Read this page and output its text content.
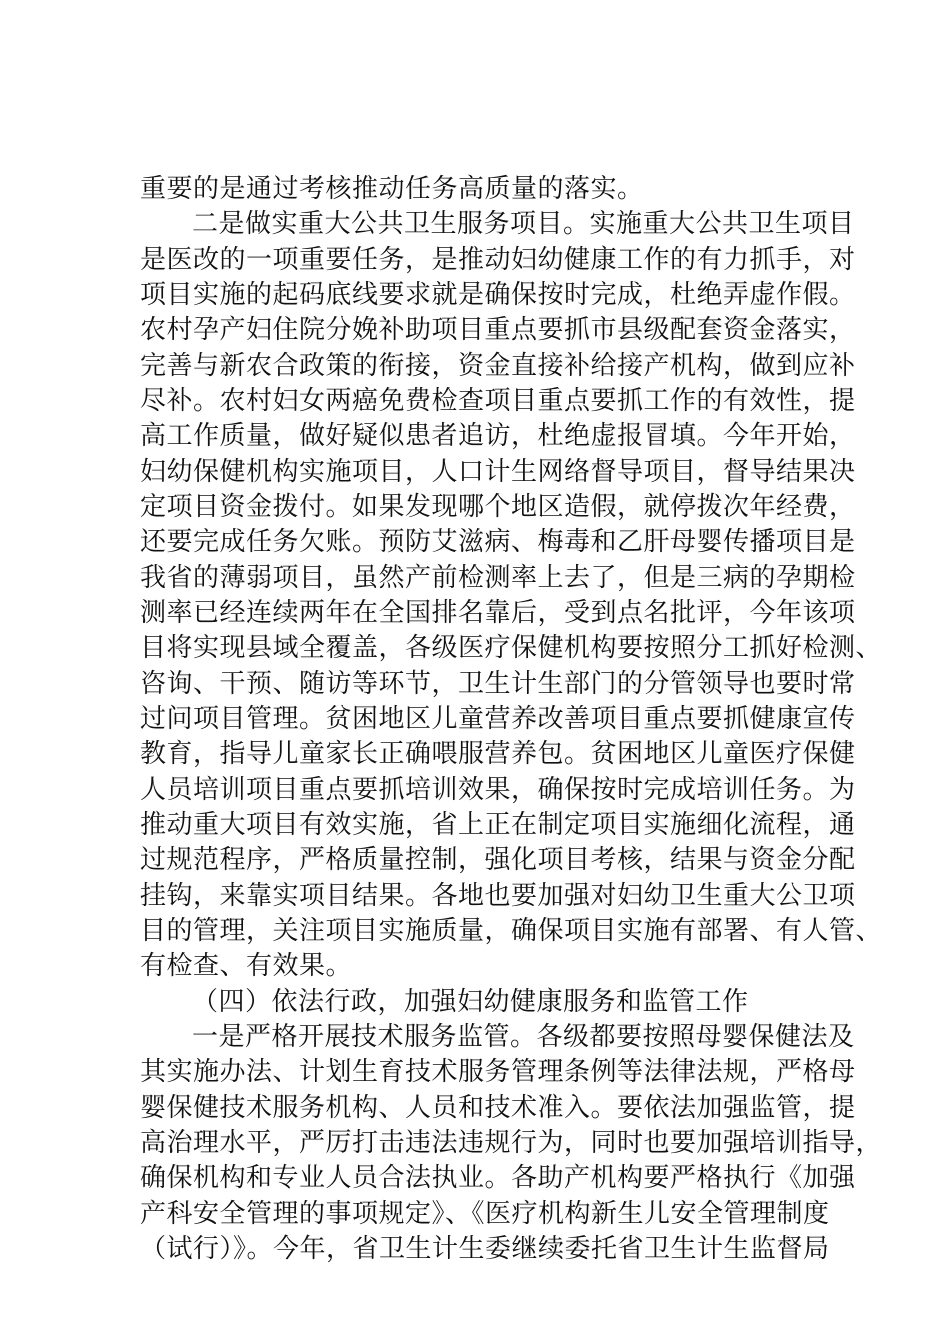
重要的是通过考核推动任务高质量的落实。
二是做实重大公共卫生服务项目。实施重大公共卫生项目
是医改的一项重要任务，是推动妇幼健康工作的有力抓手，对
项目实施的起码底线要求就是确保按时完成，杜绝弄虚作假。
农村孕产妇住院分娩补助项目重点要抓市县级配套资金落实，
完善与新农合政策的衔接，资金直接补给接产机构，做到应补
尽补。农村妇女两癌免费检查项目重点要抓工作的有效性，提
高工作质量，做好疑似患者追访，杜绝虚报冒填。今年开始，
妇幼保健机构实施项目，人口计生网络督导项目，督导结果决
定项目资金拨付。如果发现哪个地区造假，就停拨次年经费，
还要完成任务欠账。预防艾滋病、梅毒和乙肝母婴传播项目是
我省的薄弱项目，虽然产前检测率上去了，但是三病的孕期检
测率已经连续两年在全国排名靠后，受到点名批评，今年该项
目将实现县域全覆盖，各级医疗保健机构要按照分工抓好检测、
咨询、干预、随访等环节，卫生计生部门的分管领导也要时常
过问项目管理。贫困地区儿童营养改善项目重点要抓健康宣传
教育，指导儿童家长正确喂服营养包。贫困地区儿童医疗保健
人员培训项目重点要抓培训效果，确保按时完成培训任务。为
推动重大项目有效实施，省上正在制定项目实施细化流程，通
过规范程序，严格质量控制，强化项目考核，结果与资金分配
挂钩，来靠实项目结果。各地也要加强对妇幼卫生重大公卫项
目的管理，关注项目实施质量，确保项目实施有部署、有人管、
有检查、有效果。
（四）依法行政，加强妇幼健康服务和监管工作
一是严格开展技术服务监管。各级都要按照母婴保健法及
其实施办法、计划生育技术服务管理条例等法律法规，严格母
婴保健技术服务机构、人员和技术准入。要依法加强监管，提
高治理水平，严厉打击违法违规行为，同时也要加强培训指导，
确保机构和专业人员合法执业。各助产机构要严格执行《加强
产科安全管理的事项规定》、《医疗机构新生儿安全管理制度
（试行）》。今年，省卫生计生委继续委托省卫生计生监督局
